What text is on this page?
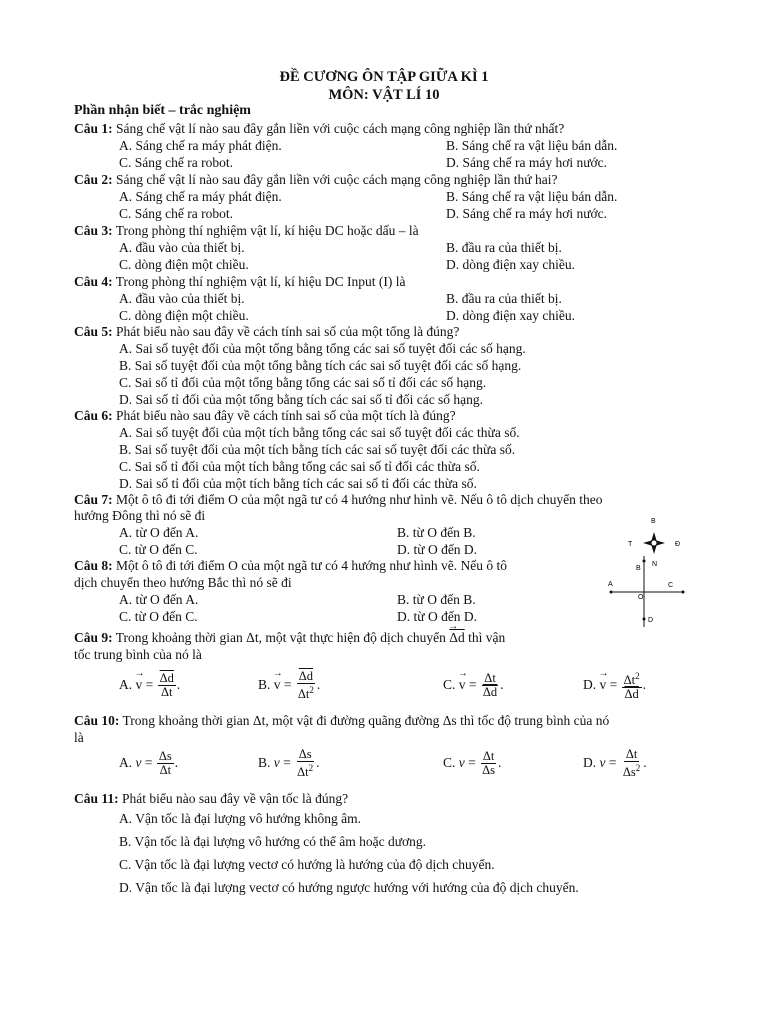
ĐỀ CƯƠNG ÔN TẬP GIỮA KÌ 1
MÔN: VẬT LÍ 10
Phần nhận biết – trắc nghiệm
Câu 1: Sáng chế vật lí nào sau đây gắn liền với cuộc cách mạng công nghiệp lần thứ nhất?
A. Sáng chế ra máy phát điện.	B. Sáng chế ra vật liệu bán dẫn.
C. Sáng chế ra robot.	D. Sáng chế ra máy hơi nước.
Câu 2: Sáng chế vật lí nào sau đây gắn liền với cuộc cách mạng công nghiệp lần thứ hai?
A. Sáng chế ra máy phát điện.	B. Sáng chế ra vật liệu bán dẫn.
C. Sáng chế ra robot.	D. Sáng chế ra máy hơi nước.
Câu 3: Trong phòng thí nghiệm vật lí, kí hiệu DC hoặc dấu – là
A. đầu vào của thiết bị.	B. đầu ra của thiết bị.
C. dòng điện một chiều.	D. dòng điện xay chiều.
Câu 4: Trong phòng thí nghiệm vật lí, kí hiệu DC Input (I) là
A. đầu vào của thiết bị.	B. đầu ra của thiết bị.
C. dòng điện một chiều.	D. dòng điện xay chiều.
Câu 5: Phát biểu nào sau đây về cách tính sai số của một tổng là đúng?
A. Sai số tuyệt đối của một tổng bằng tổng các sai số tuyệt đối các số hạng.
B. Sai số tuyệt đối của một tổng bằng tích các sai số tuyệt đối các số hạng.
C. Sai số tỉ đối của một tổng bằng tổng các sai số tỉ đối các số hạng.
D. Sai số tỉ đối của một tổng bằng tích các sai số tỉ đối các số hạng.
Câu 6: Phát biểu nào sau đây về cách tính sai số của một tích là đúng?
A. Sai số tuyệt đối của một tích bằng tổng các sai số tuyệt đối các thừa số.
B. Sai số tuyệt đối của một tích bằng tích các sai số tuyệt đối các thừa số.
C. Sai số tỉ đối của một tích bằng tổng các sai số tỉ đối các thừa số.
D. Sai số tỉ đối của một tích bằng tích các sai số tỉ đối các thừa số.
Câu 7: Một ô tô đi tới điểm O của một ngã tư có 4 hướng như hình vẽ. Nếu ô tô dịch chuyển theo
hướng Đông thì nó sẽ đi
A. từ O đến A.	B. từ O đến B.
C. từ O đến C.	D. từ O đến D.
Câu 8: Một ô tô đi tới điểm O của một ngã tư có 4 hướng như hình vẽ. Nếu ô tô
dịch chuyển theo hướng Bắc thì nó sẽ đi
A. từ O đến A.	B. từ O đến B.
C. từ O đến C.	D. từ O đến D.
B
T	Đ
N
B
A	C
O
D
Câu 9: Trong khoảng thời gian Δt, một vật thực hiện độ dịch chuyển → $\overline{\Delta d}$ thì vận
tốc trung bình của nó là
A. → $v = \frac{\overline{\Delta d}}{\Delta t}$ .	B. → $v = \frac{\overline{\Delta d}}{\Delta t^2}$ .	C. → $v = \frac{\Delta t}{\Delta d}$ .	D. → $v = \frac{\Delta t^2}{\Delta d}$ .
Câu 10: Trong khoảng thời gian Δt, một vật đi đường quãng đường Δs thì tốc độ trung bình của nó
là
A. $v = \frac{\Delta s}{\Delta t}$ .	B. $v = \frac{\Delta s}{\Delta t^2}$ .	C. $v = \frac{\Delta t}{\Delta s}$ .	D. $v = \frac{\Delta t}{\Delta s^2}$ .
Câu 11: Phát biểu nào sau đây về vận tốc là đúng?
A. Vận tốc là đại lượng vô hướng không âm.
B. Vận tốc là đại lượng vô hướng có thể âm hoặc dương.
C. Vận tốc là đại lượng vectơ có hướng là hướng của độ dịch chuyển.
D. Vận tốc là đại lượng vectơ có hướng ngược hướng với hướng của độ dịch chuyển.
